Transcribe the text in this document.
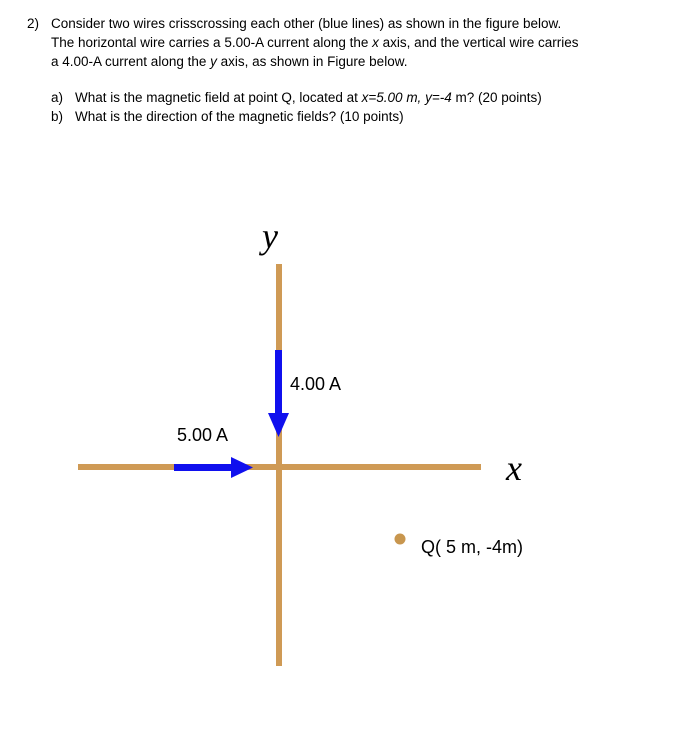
2) Consider two wires crisscrossing each other (blue lines) as shown in the figure below.
The horizontal wire carries a 5.00-A current along the x axis, and the vertical wire carries
a 4.00-A current along the y axis, as shown in Figure below.
a) What is the magnetic field at point Q, located at x=5.00 m, y=-4 m? (20 points)
b) What is the direction of the magnetic fields? (10 points)
y
x
4.00 A
5.00 A
Q( 5 m, -4m)
